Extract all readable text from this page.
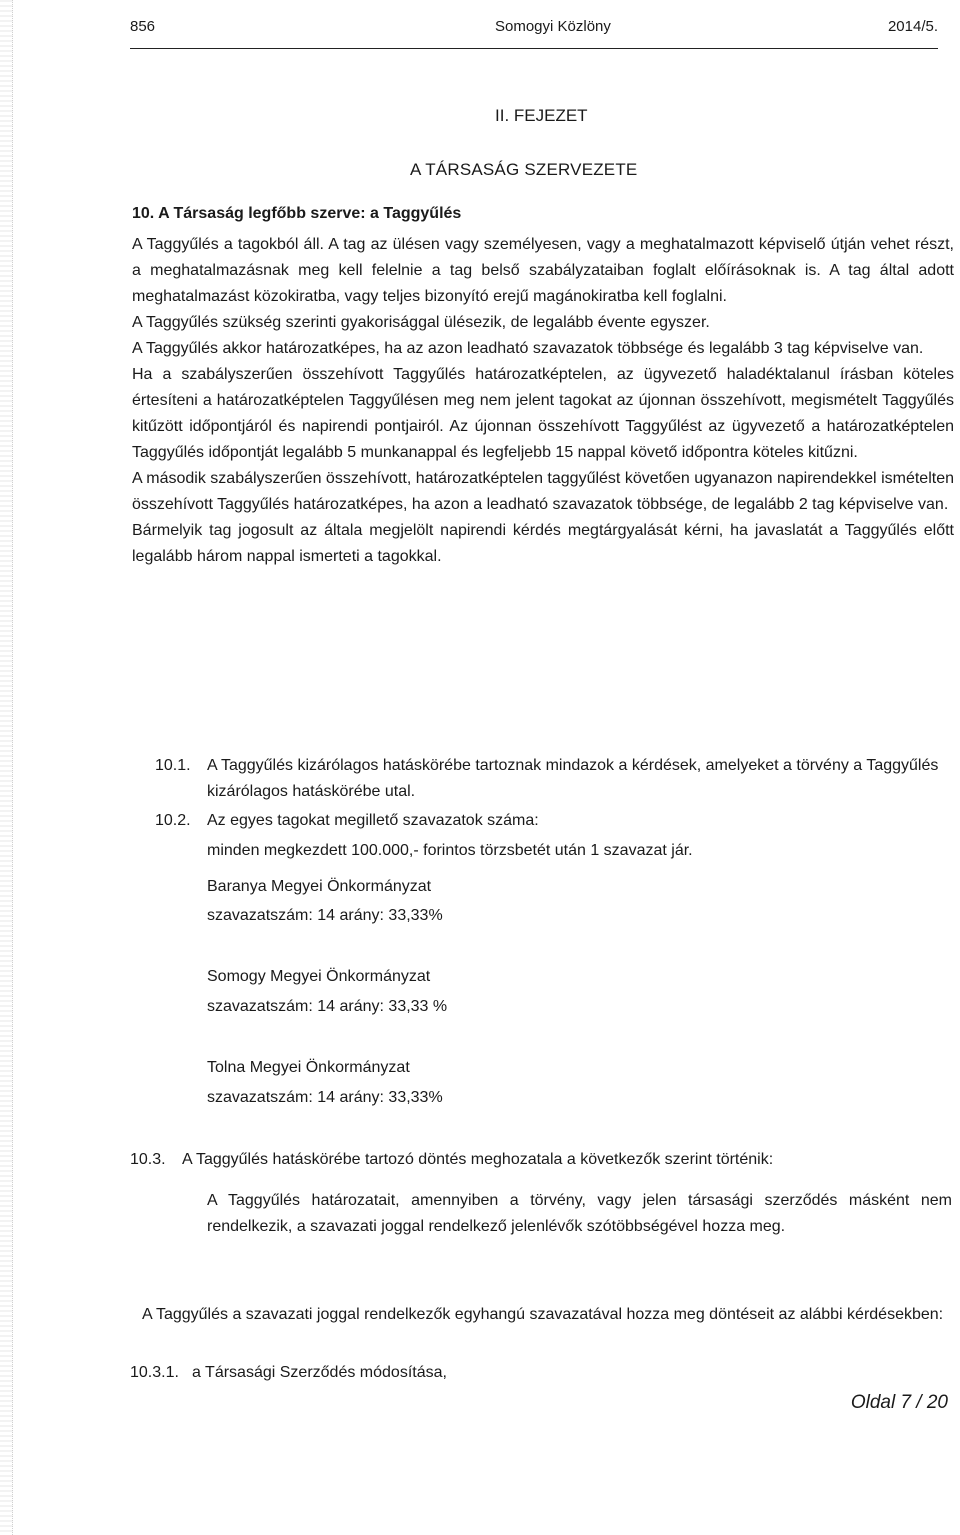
856	Somogyi Közlöny	2014/5.
II. FEJEZET
A TÁRSASÁG SZERVEZETE
10. A Társaság legfőbb szerve: a Taggyűlés

A Taggyűlés a tagokból áll. A tag az ülésen vagy személyesen, vagy a meghatalmazott képviselő útján vehet részt, a meghatalmazásnak meg kell felelnie a tag belső szabályzataiban foglalt előírásoknak is. A tag által adott meghatalmazást közokiratba, vagy teljes bizonyító erejű magánokiratba kell foglalni.

A Taggyűlés szükség szerinti gyakorisággal ülésezik, de legalább évente egyszer.

A Taggyűlés akkor határozatképes, ha az azon leadható szavazatok többsége és legalább 3 tag képviselve van.

Ha a szabályszerűen összehívott Taggyűlés határozatképtelen, az ügyvezető haladéktalanul írásban köteles értesíteni a határozatképtelen Taggyűlésen meg nem jelent tagokat az újonnan összehívott, megismételt Taggyűlés kitűzött időpontjáról és napirendi pontjairól. Az újonnan összehívott Taggyűlést az ügyvezető a határozatképtelen Taggyűlés időpontját legalább 5 munkanappal és legfeljebb 15 nappal követő időpontra köteles kitűzni.

A második szabályszerűen összehívott, határozatképtelen taggyűlést követően ugyanazon napirendekkel ismételten összehívott Taggyűlés határozatképes, ha azon a leadható szavazatok többsége, de legalább 2 tag képviselve van.

Bármelyik tag jogosult az általa megjelölt napirendi kérdés megtárgyalását kérni, ha javaslatát a Taggyűlés előtt legalább három nappal ismerteti a tagokkal.

10.1.	A Taggyűlés kizárólagos hatáskörébe tartoznak mindazok a kérdések, amelyeket a törvény a Taggyűlés kizárólagos hatáskörébe utal.
10.2.	Az egyes tagokat megillető szavazatok száma:
minden megkezdett 100.000,- forintos törzsbetét után 1 szavazat jár.
Baranya Megyei Önkormányzat
szavazatszám: 14 arány: 33,33%
Somogy Megyei Önkormányzat
szavazatszám: 14 arány: 33,33 %
Tolna Megyei Önkormányzat
szavazatszám: 14 arány: 33,33%
10.3.	A Taggyűlés hatáskörébe tartozó döntés meghozatala a következők szerint történik:
A Taggyűlés határozatait, amennyiben a törvény, vagy jelen társasági szerződés másként nem rendelkezik, a szavazati joggal rendelkező jelenlévők szótöbbségével hozza meg.
A Taggyűlés a szavazati joggal rendelkezők egyhangú szavazatával hozza meg döntéseit az alábbi kérdésekben:
10.3.1. a Társasági Szerződés módosítása,
Oldal 7 / 20
